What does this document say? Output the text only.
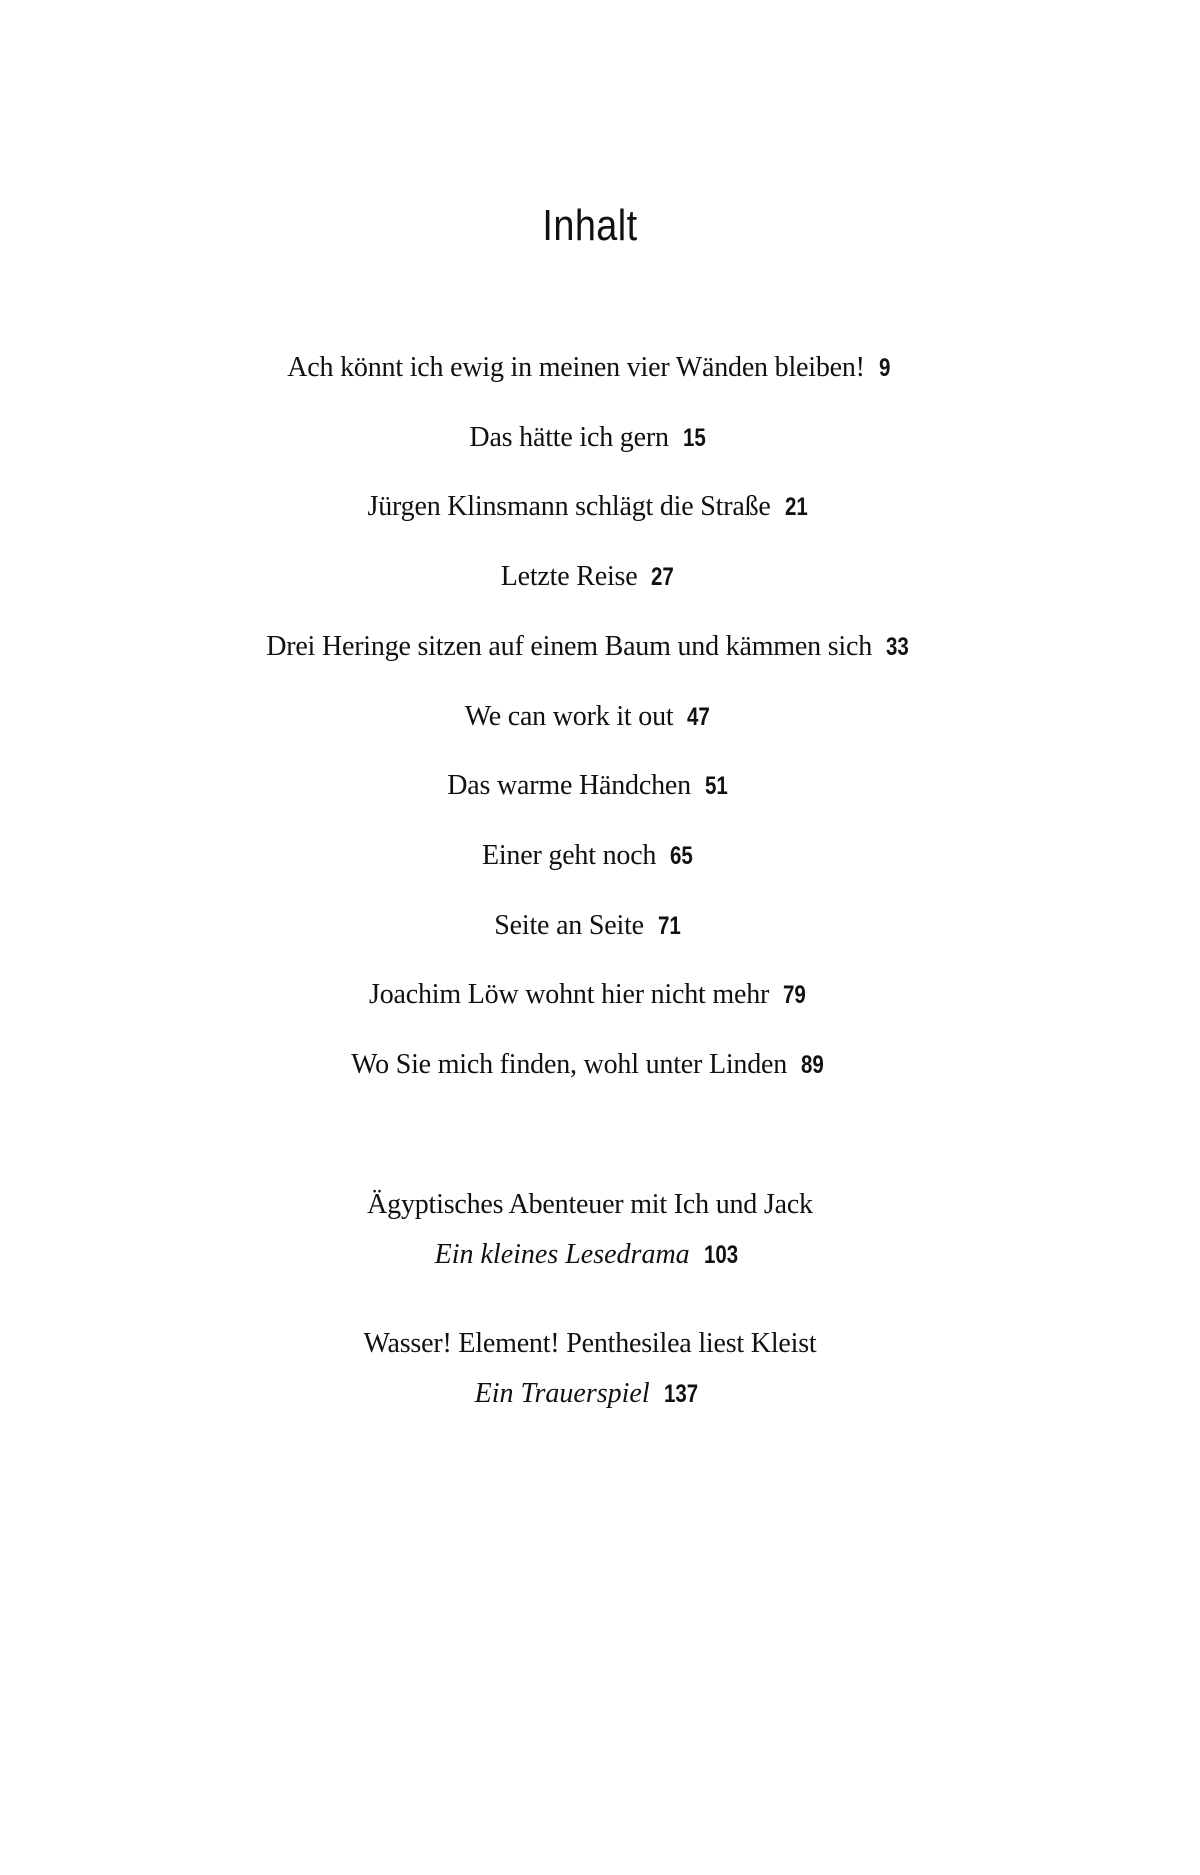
Inhalt
Ach könnt ich ewig in meinen vier Wänden bleiben! 9
Das hätte ich gern 15
Jürgen Klinsmann schlägt die Straße 21
Letzte Reise 27
Drei Heringe sitzen auf einem Baum und kämmen sich 33
We can work it out 47
Das warme Händchen 51
Einer geht noch 65
Seite an Seite 71
Joachim Löw wohnt hier nicht mehr 79
Wo Sie mich finden, wohl unter Linden 89
Ägyptisches Abenteuer mit Ich und Jack
Ein kleines Lesedrama 103
Wasser! Element! Penthesilea liest Kleist
Ein Trauerspiel 137
